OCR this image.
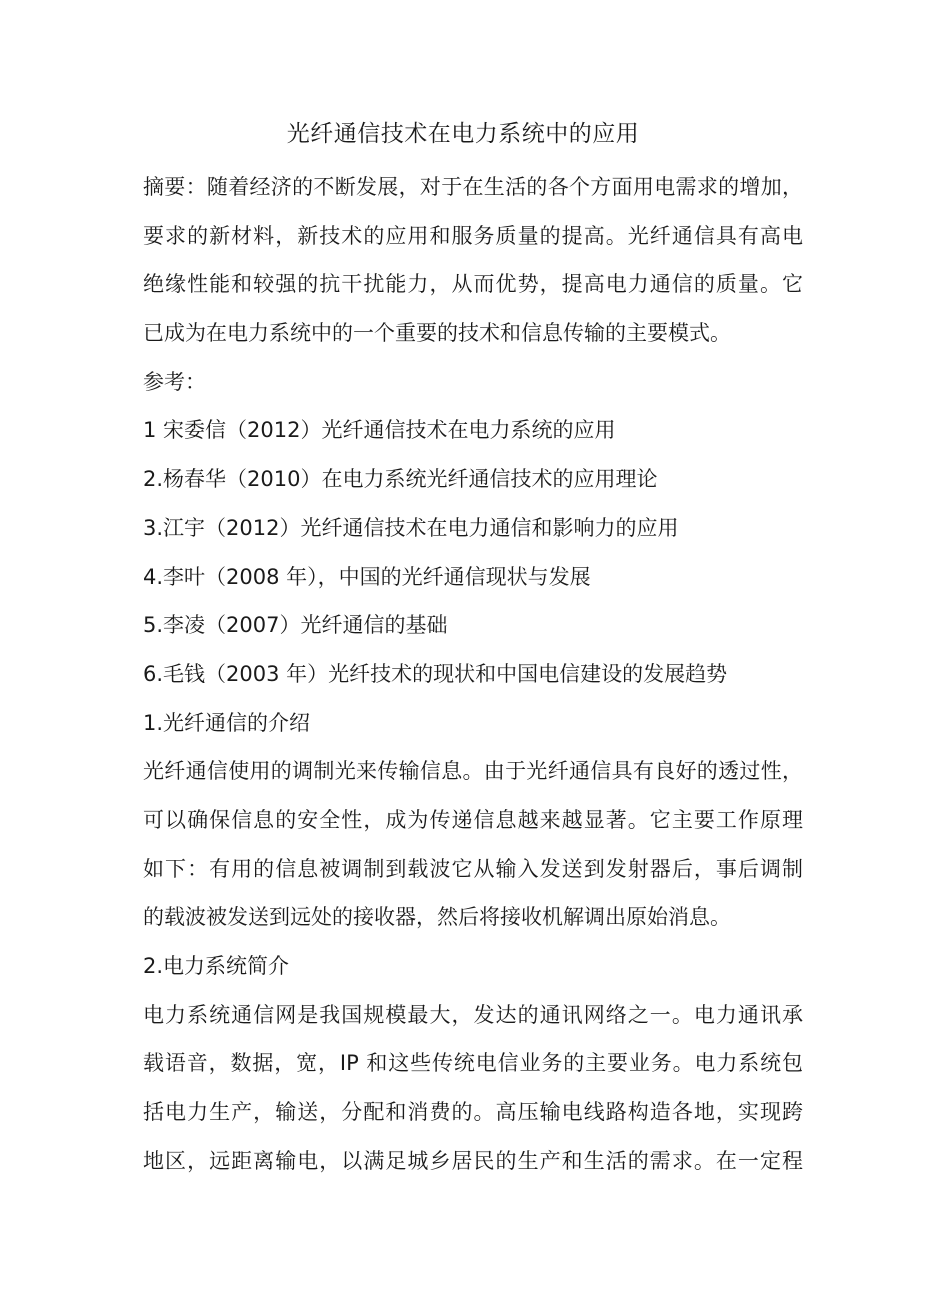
光纤通信技术在电力系统中的应用
摘要：随着经济的不断发展，对于在生活的各个方面用电需求的增加，
要求的新材料，新技术的应用和服务质量的提高。光纤通信具有高电
绝缘性能和较强的抗干扰能力，从而优势，提高电力通信的质量。它
已成为在电力系统中的一个重要的技术和信息传输的主要模式。
参考：
1 宋委信（2012）光纤通信技术在电力系统的应用
2.杨春华（2010）在电力系统光纤通信技术的应用理论
3.江宇（2012）光纤通信技术在电力通信和影响力的应用
4.李叶（2008 年），中国的光纤通信现状与发展
5.李凌（2007）光纤通信的基础
6.毛钱（2003 年）光纤技术的现状和中国电信建设的发展趋势
1.光纤通信的介绍
光纤通信使用的调制光来传输信息。由于光纤通信具有良好的透过性，
可以确保信息的安全性，成为传递信息越来越显著。它主要工作原理
如下：有用的信息被调制到载波它从输入发送到发射器后，事后调制
的载波被发送到远处的接收器，然后将接收机解调出原始消息。
2.电力系统简介
电力系统通信网是我国规模最大，发达的通讯网络之一。电力通讯承
载语音，数据，宽，IP 和这些传统电信业务的主要业务。电力系统包
括电力生产，输送，分配和消费的。高压输电线路构造各地，实现跨
地区，远距离输电，以满足城乡居民的生产和生活的需求。在一定程
